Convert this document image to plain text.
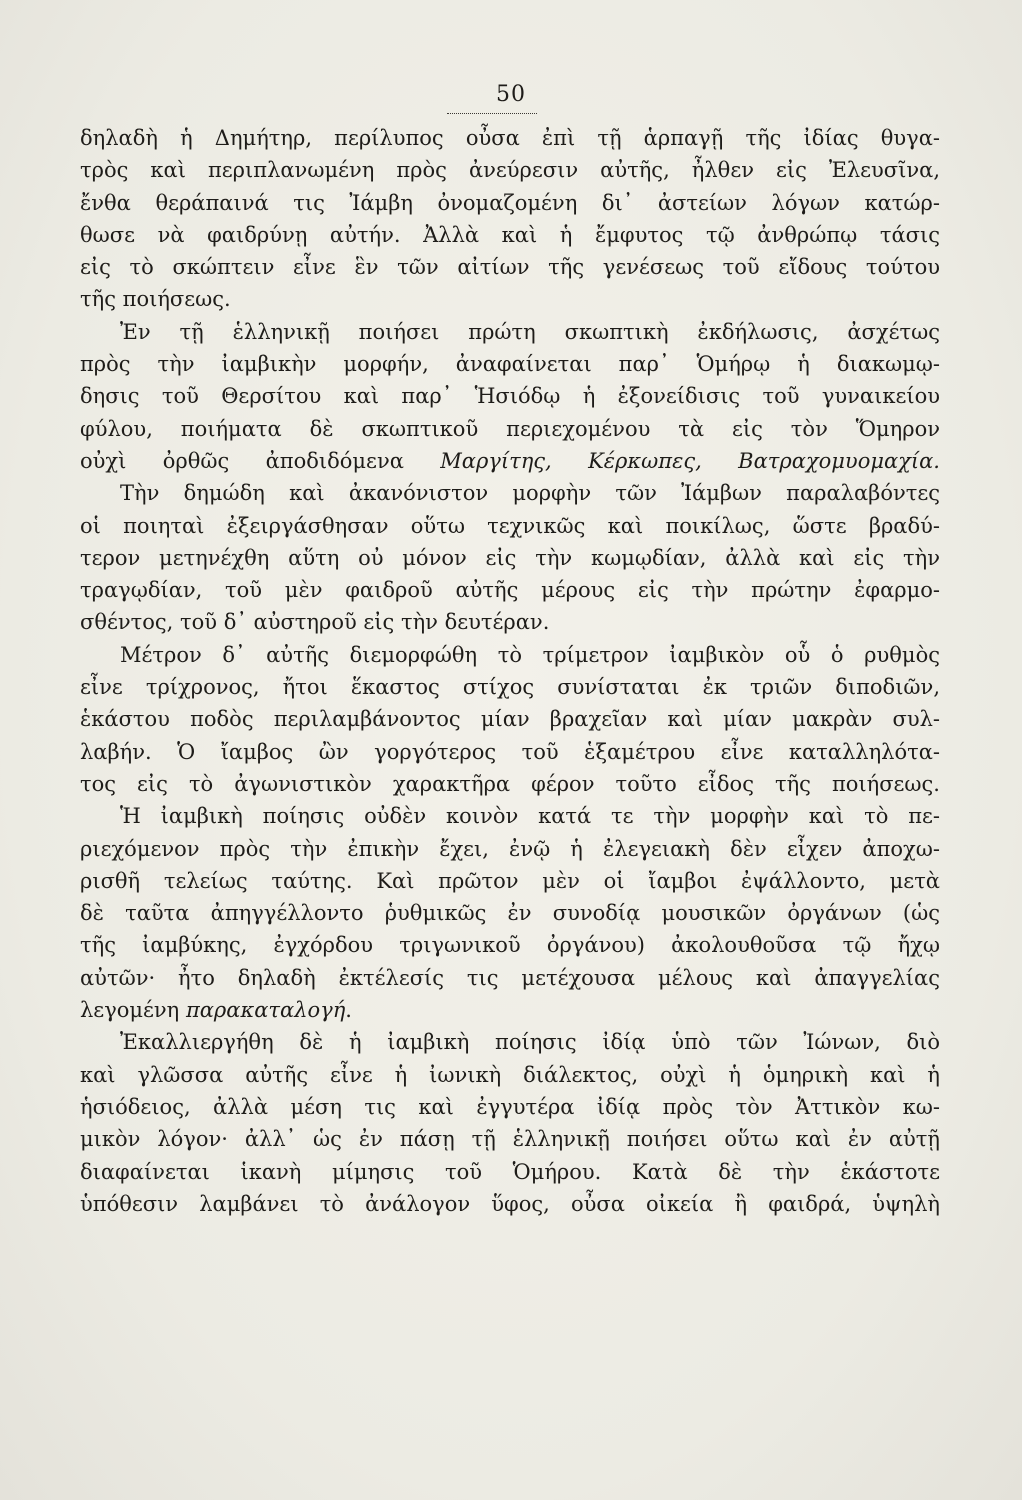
50
δηλαδὴ ἡ Δημήτηρ, περίλυπος οὖσα ἐπὶ τῇ ἁρπαγῇ τῆς ἰδίας θυγα-
τρὸς καὶ περιπλανωμένη πρὸς ἀνεύρεσιν αὐτῆς, ἦλθεν εἰς Ἐλευσῖνα,
ἔνθα θεράπαινά τις Ἰάμβη ὀνομαζομένη δι᾽ ἀστείων λόγων κατώρ-
θωσε νὰ φαιδρύνῃ αὐτήν. Ἀλλὰ καὶ ἡ ἔμφυτος τῷ ἀνθρώπῳ τάσις
εἰς τὸ σκώπτειν εἶνε ἓν τῶν αἰτίων τῆς γενέσεως τοῦ εἴδους τούτου
τῆς ποιήσεως.
Ἐν τῇ ἑλληνικῇ ποιήσει πρώτη σκωπτικὴ ἐκδήλωσις, ἀσχέτως
πρὸς τὴν ἰαμβικὴν μορφήν, ἀναφαίνεται παρ᾽ Ὁμήρῳ ἡ διακωμῳ-
δησις τοῦ Θερσίτου καὶ παρ᾽ Ἡσιόδῳ ἡ ἐξονείδισις τοῦ γυναικείου
φύλου, ποιήματα δὲ σκωπτικοῦ περιεχομένου τὰ εἰς τὸν Ὅμηρον
οὐχὶ ὀρθῶς ἀποδιδόμενα Μαργίτης, Κέρκωπες, Βατραχομυομαχία.
Τὴν δημώδη καὶ ἀκανόνιστον μορφὴν τῶν Ἰάμβων παραλαβόντες
οἱ ποιηταὶ ἐξειργάσθησαν οὕτω τεχνικῶς καὶ ποικίλως, ὥστε βραδύ-
τερον μετηνέχθη αὕτη οὐ μόνον εἰς τὴν κωμῳδίαν, ἀλλὰ καὶ εἰς τὴν
τραγῳδίαν, τοῦ μὲν φαιδροῦ αὐτῆς μέρους εἰς τὴν πρώτην ἐφαρμο-
σθέντος, τοῦ δ᾽ αὐστηροῦ εἰς τὴν δευτέραν.
Μέτρον δ᾽ αὐτῆς διεμορφώθη τὸ τρίμετρον ἰαμβικὸν οὗ ὁ ρυθμὸς
εἶνε τρίχρονος, ἤτοι ἕκαστος στίχος συνίσταται ἐκ τριῶν διποδιῶν,
ἑκάστου ποδὸς περιλαμβάνοντος μίαν βραχεῖαν καὶ μίαν μακρὰν συλ-
λαβήν. Ὁ ἴαμβος ὢν γοργότερος τοῦ ἑξαμέτρου εἶνε καταλληλότα-
τος εἰς τὸ ἀγωνιστικὸν χαρακτῆρα φέρον τοῦτο εἶδος τῆς ποιήσεως.
Ἡ ἰαμβικὴ ποίησις οὐδὲν κοινὸν κατά τε τὴν μορφὴν καὶ τὸ πε-
ριεχόμενον πρὸς τὴν ἐπικὴν ἔχει, ἐνῷ ἡ ἐλεγειακὴ δὲν εἶχεν ἀποχω-
ρισθῆ τελείως ταύτης. Καὶ πρῶτον μὲν οἱ ἴαμβοι ἐψάλλοντο, μετὰ
δὲ ταῦτα ἀπηγγέλλοντο ῥυθμικῶς ἐν συνοδίᾳ μουσικῶν ὀργάνων (ὡς
τῆς ἰαμβύκης, ἐγχόρδου τριγωνικοῦ ὀργάνου) ἀκολουθοῦσα τῷ ἤχῳ
αὐτῶν· ἦτο δηλαδὴ ἐκτέλεσίς τις μετέχουσα μέλους καὶ ἀπαγγελίας
λεγομένη παρακαταλογή.
Ἐκαλλιεργήθη δὲ ἡ ἰαμβικὴ ποίησις ἰδίᾳ ὑπὸ τῶν Ἰώνων, διὸ
καὶ γλῶσσα αὐτῆς εἶνε ἡ ἰωνικὴ διάλεκτος, οὐχὶ ἡ ὁμηρικὴ καὶ ἡ
ἡσιόδειος, ἀλλὰ μέση τις καὶ ἐγγυτέρα ἰδίᾳ πρὸς τὸν Ἀττικὸν κω-
μικὸν λόγον· ἀλλ᾽ ὡς ἐν πάσῃ τῇ ἑλληνικῇ ποιήσει οὕτω καὶ ἐν αὐτῇ
διαφαίνεται ἱκανὴ μίμησις τοῦ Ὁμήρου. Κατὰ δὲ τὴν ἑκάστοτε
ὑπόθεσιν λαμβάνει τὸ ἀνάλογον ὕφος, οὖσα οἰκεία ἢ φαιδρά, ὑψηλὴ
